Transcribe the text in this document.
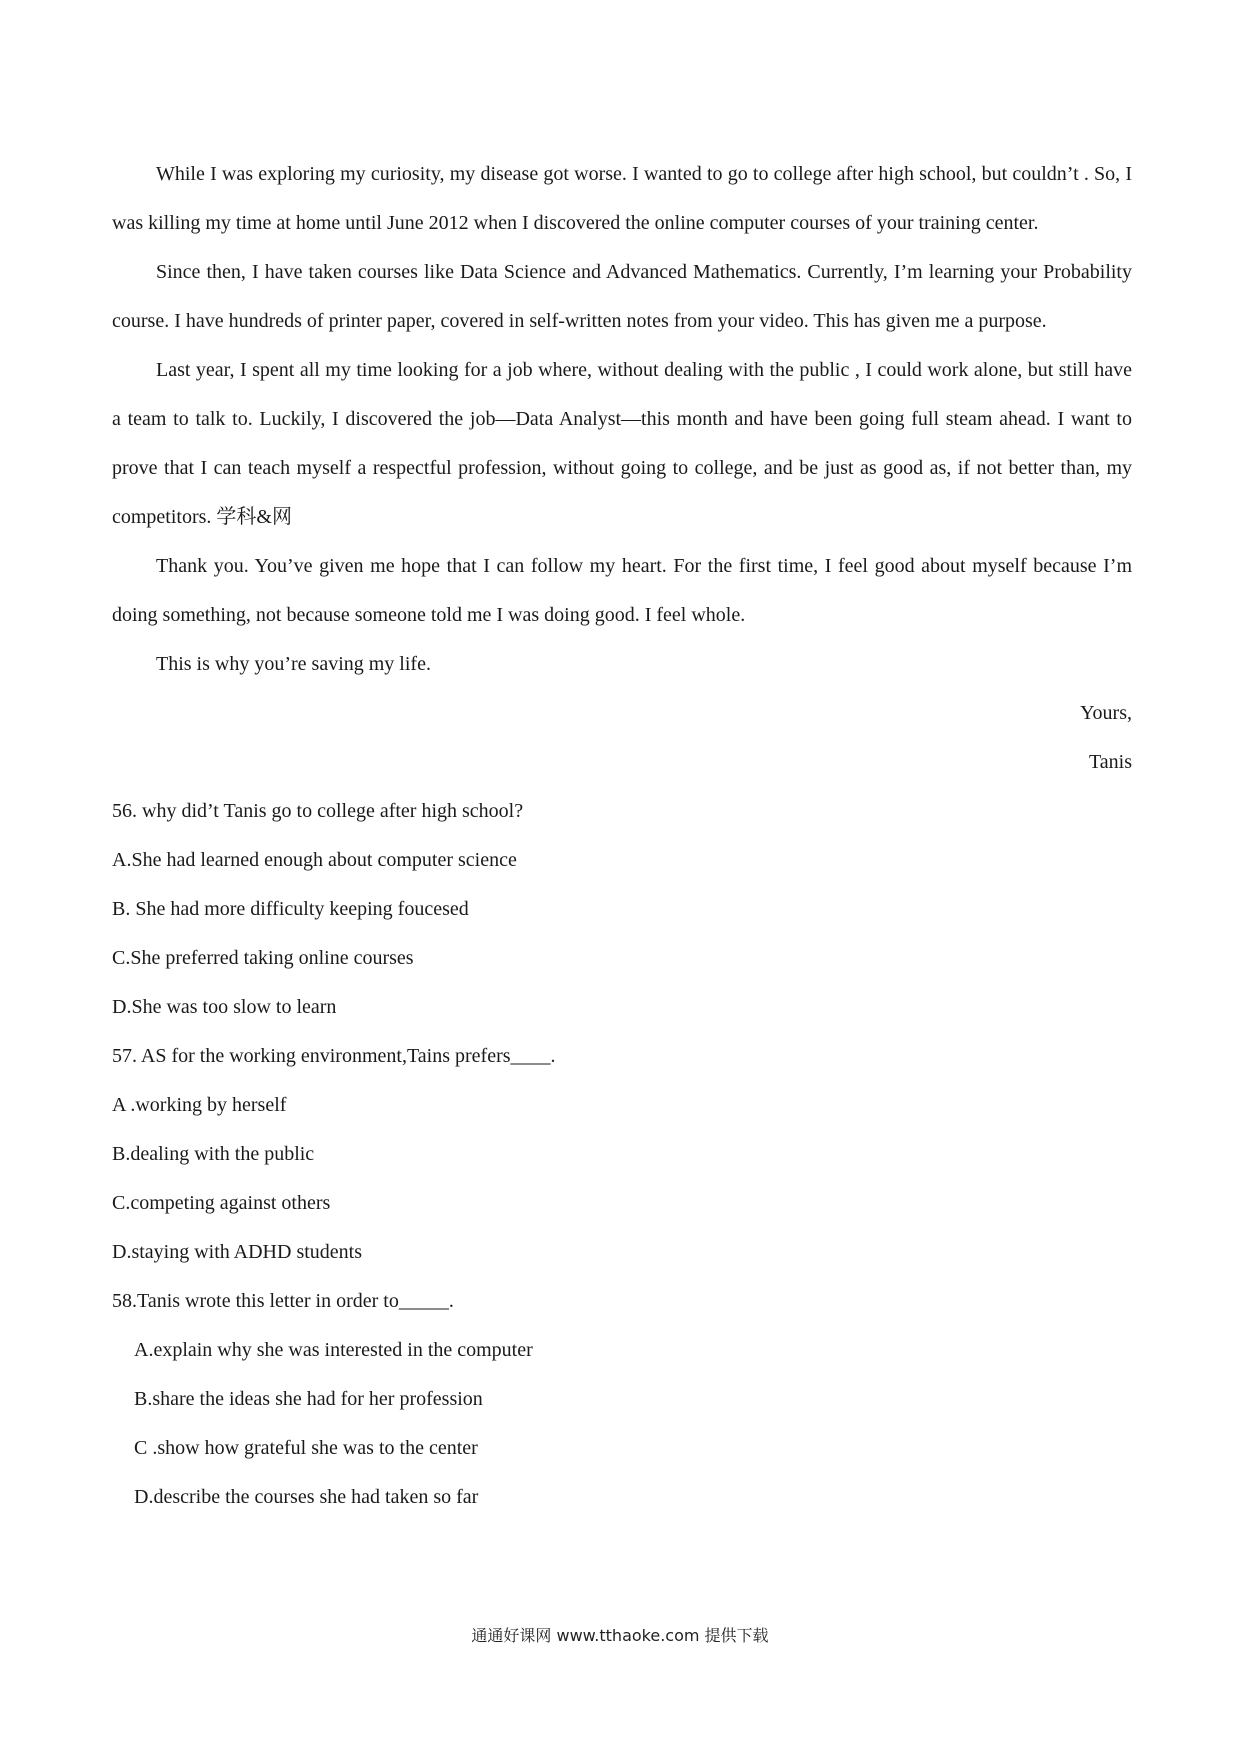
While I was exploring my curiosity, my disease got worse. I wanted to go to college after high school, but couldn’t . So, I was killing my time at home until June 2012 when I discovered the online computer courses of your training center.

Since then, I have taken courses like Data Science and Advanced Mathematics. Currently, I’m learning your Probability course. I have hundreds of printer paper, covered in self-written notes from your video. This has given me a purpose.

Last year, I spent all my time looking for a job where, without dealing with the public , I could work alone, but still have a team to talk to. Luckily, I discovered the job—Data Analyst—this month and have been going full steam ahead. I want to prove that I can teach myself a respectful profession, without going to college, and be just as good as, if not better than, my competitors. 学科&网

Thank you. You’ve given me hope that I can follow my heart. For the first time, I feel good about myself because I’m doing something, not because someone told me I was doing good. I feel whole.

This is why you’re saving my life.

Yours,

Tanis

56. why did’t Tanis go to college after high school?

A.She had learned enough about computer science

B. She had more difficulty keeping foucesed

C.She preferred taking online courses

D.She was too slow to learn

57. AS for the working environment,Tains prefers____.

A .working by herself

B.dealing with the public

C.competing against others

D.staying with ADHD students

58.Tanis wrote this letter in order to_____.

A.explain why she was interested in the computer

B.share the ideas she had for her profession

C .show how grateful she was to the center

D.describe the courses she had taken so far

通通好课网 www.tthaoke.com 提供下载
